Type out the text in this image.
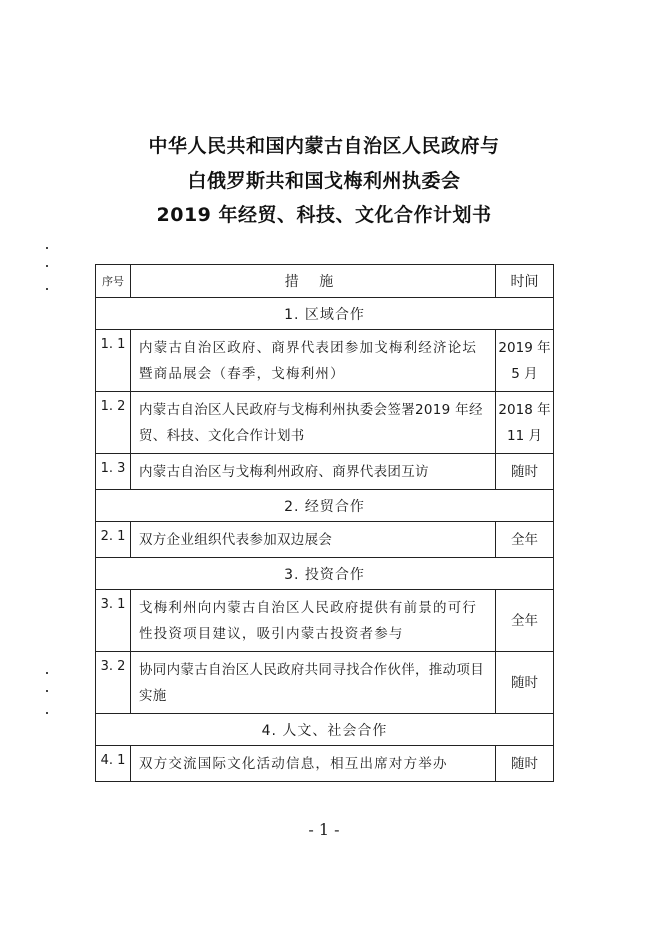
中华人民共和国内蒙古自治区人民政府与
白俄罗斯共和国戈梅利州执委会
2019 年经贸、科技、文化合作计划书
序号	措 施	时间
1. 区域合作		
1. 1	内蒙古自治区政府、商界代表团参加戈梅利经济论坛暨商品展会（春季，戈梅利州）	2019 年
5 月

1. 2	内蒙古自治区人民政府与戈梅利州执委会签署2019 年经贸、科技、文化合作计划书	2018 年
11 月

1. 3	内蒙古自治区与戈梅利州政府、商界代表团互访	随时
2. 经贸合作		
2. 1	双方企业组织代表参加双边展会	全年
3. 投资合作		
3. 1	戈梅利州向内蒙古自治区人民政府提供有前景的可行性投资项目建议，吸引内蒙古投资者参与	全年
3. 2	协同内蒙古自治区人民政府共同寻找合作伙伴，推动项目实施	随时
4. 人文、社会合作		
4. 1	双方交流国际文化活动信息，相互出席对方举办	随时
- 1 -
